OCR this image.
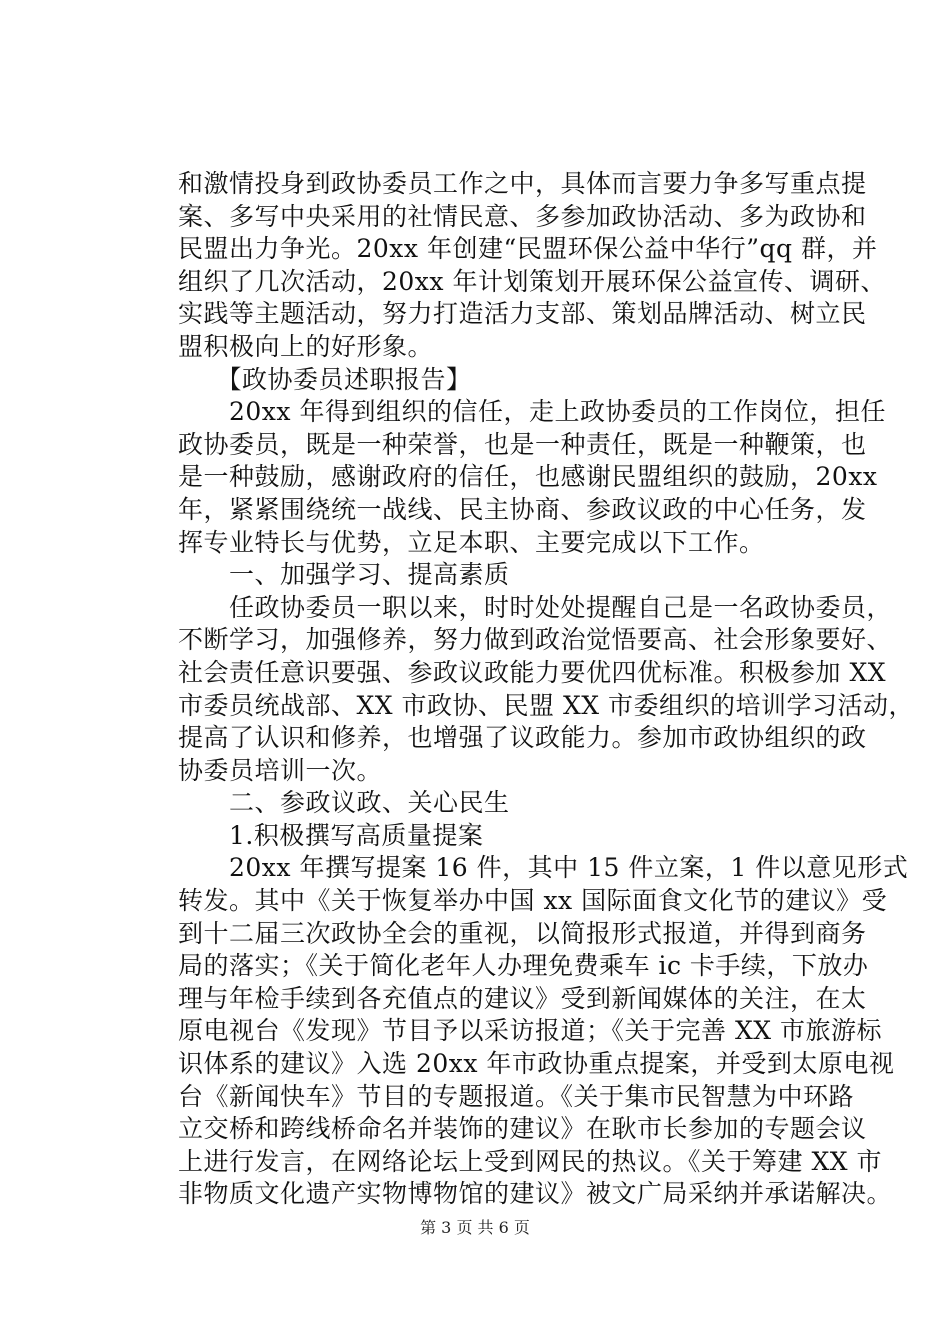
和激情投身到政协委员工作之中，具体而言要力争多写重点提
案、多写中央采用的社情民意、多参加政协活动、多为政协和
民盟出力争光。20xx 年创建“民盟环保公益中华行”qq 群，并
组织了几次活动，20xx 年计划策划开展环保公益宣传、调研、
实践等主题活动，努力打造活力支部、策划品牌活动、树立民
盟积极向上的好形象。
　　【政协委员述职报告】
　　20xx 年得到组织的信任，走上政协委员的工作岗位，担任
政协委员，既是一种荣誉，也是一种责任，既是一种鞭策，也
是一种鼓励，感谢政府的信任，也感谢民盟组织的鼓励，20xx
年，紧紧围绕统一战线、民主协商、参政议政的中心任务，发
挥专业特长与优势，立足本职、主要完成以下工作。
　　一、加强学习、提高素质
　　任政协委员一职以来，时时处处提醒自己是一名政协委员，
不断学习，加强修养，努力做到政治觉悟要高、社会形象要好、
社会责任意识要强、参政议政能力要优四优标准。积极参加 XX
市委员统战部、XX 市政协、民盟 XX 市委组织的培训学习活动，
提高了认识和修养，也增强了议政能力。参加市政协组织的政
协委员培训一次。
　　二、参政议政、关心民生
　　1.积极撰写高质量提案
　　20xx 年撰写提案 16 件，其中 15 件立案，1 件以意见形式
转发。其中《关于恢复举办中国 xx 国际面食文化节的建议》受
到十二届三次政协全会的重视，以简报形式报道，并得到商务
局的落实；《关于简化老年人办理免费乘车 ic 卡手续，下放办
理与年检手续到各充值点的建议》受到新闻媒体的关注，在太
原电视台《发现》节目予以采访报道；《关于完善 XX 市旅游标
识体系的建议》入选 20xx 年市政协重点提案，并受到太原电视
台《新闻快车》节目的专题报道。《关于集市民智慧为中环路
立交桥和跨线桥命名并装饰的建议》在耿市长参加的专题会议
上进行发言，在网络论坛上受到网民的热议。《关于筹建 XX 市
非物质文化遗产实物博物馆的建议》被文广局采纳并承诺解决。
第 3 页 共 6 页
